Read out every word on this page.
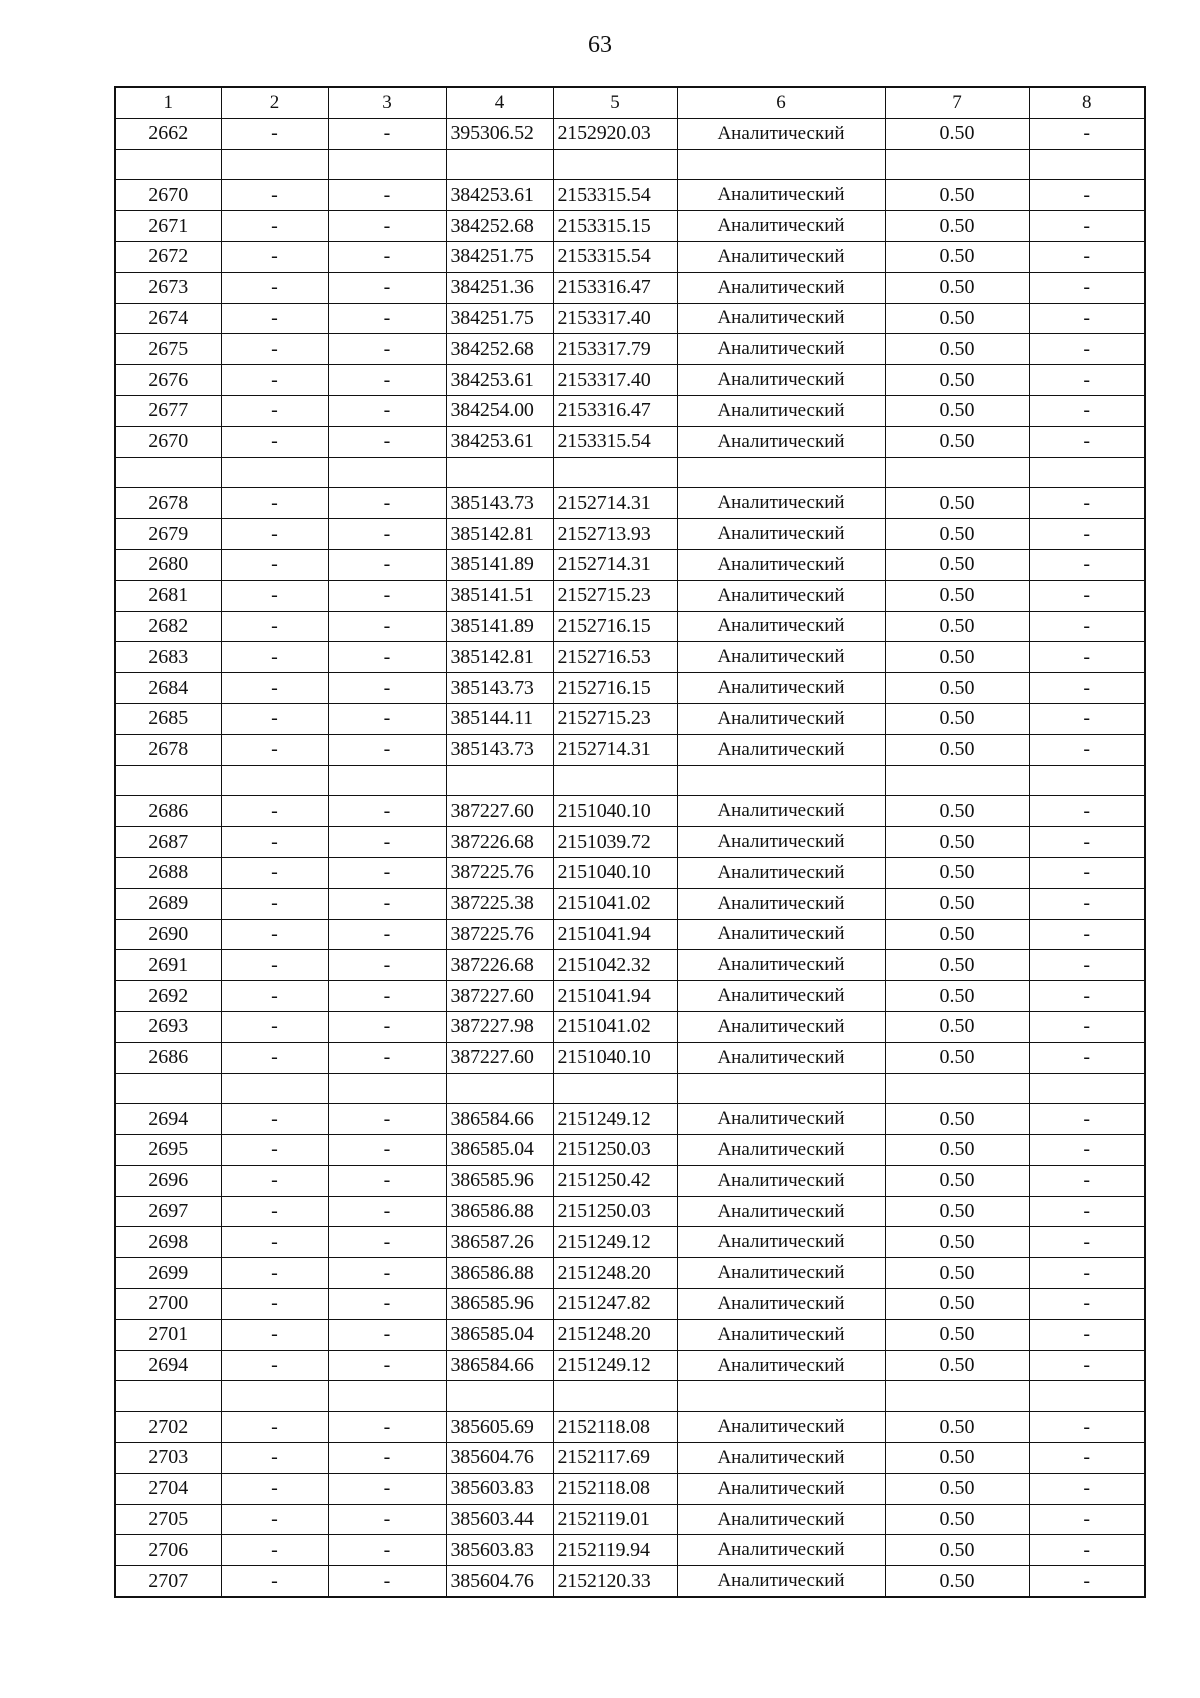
63
1	2	3	4	5	6	7	8
2662	-	-	395306.52	2152920.03	Аналитический	0.50	-

2670	-	-	384253.61	2153315.54	Аналитический	0.50	-
2671	-	-	384252.68	2153315.15	Аналитический	0.50	-
2672	-	-	384251.75	2153315.54	Аналитический	0.50	-
2673	-	-	384251.36	2153316.47	Аналитический	0.50	-
2674	-	-	384251.75	2153317.40	Аналитический	0.50	-
2675	-	-	384252.68	2153317.79	Аналитический	0.50	-
2676	-	-	384253.61	2153317.40	Аналитический	0.50	-
2677	-	-	384254.00	2153316.47	Аналитический	0.50	-
2670	-	-	384253.61	2153315.54	Аналитический	0.50	-

2678	-	-	385143.73	2152714.31	Аналитический	0.50	-
2679	-	-	385142.81	2152713.93	Аналитический	0.50	-
2680	-	-	385141.89	2152714.31	Аналитический	0.50	-
2681	-	-	385141.51	2152715.23	Аналитический	0.50	-
2682	-	-	385141.89	2152716.15	Аналитический	0.50	-
2683	-	-	385142.81	2152716.53	Аналитический	0.50	-
2684	-	-	385143.73	2152716.15	Аналитический	0.50	-
2685	-	-	385144.11	2152715.23	Аналитический	0.50	-
2678	-	-	385143.73	2152714.31	Аналитический	0.50	-

2686	-	-	387227.60	2151040.10	Аналитический	0.50	-
2687	-	-	387226.68	2151039.72	Аналитический	0.50	-
2688	-	-	387225.76	2151040.10	Аналитический	0.50	-
2689	-	-	387225.38	2151041.02	Аналитический	0.50	-
2690	-	-	387225.76	2151041.94	Аналитический	0.50	-
2691	-	-	387226.68	2151042.32	Аналитический	0.50	-
2692	-	-	387227.60	2151041.94	Аналитический	0.50	-
2693	-	-	387227.98	2151041.02	Аналитический	0.50	-
2686	-	-	387227.60	2151040.10	Аналитический	0.50	-

2694	-	-	386584.66	2151249.12	Аналитический	0.50	-
2695	-	-	386585.04	2151250.03	Аналитический	0.50	-
2696	-	-	386585.96	2151250.42	Аналитический	0.50	-
2697	-	-	386586.88	2151250.03	Аналитический	0.50	-
2698	-	-	386587.26	2151249.12	Аналитический	0.50	-
2699	-	-	386586.88	2151248.20	Аналитический	0.50	-
2700	-	-	386585.96	2151247.82	Аналитический	0.50	-
2701	-	-	386585.04	2151248.20	Аналитический	0.50	-
2694	-	-	386584.66	2151249.12	Аналитический	0.50	-

2702	-	-	385605.69	2152118.08	Аналитический	0.50	-
2703	-	-	385604.76	2152117.69	Аналитический	0.50	-
2704	-	-	385603.83	2152118.08	Аналитический	0.50	-
2705	-	-	385603.44	2152119.01	Аналитический	0.50	-
2706	-	-	385603.83	2152119.94	Аналитический	0.50	-
2707	-	-	385604.76	2152120.33	Аналитический	0.50	-
